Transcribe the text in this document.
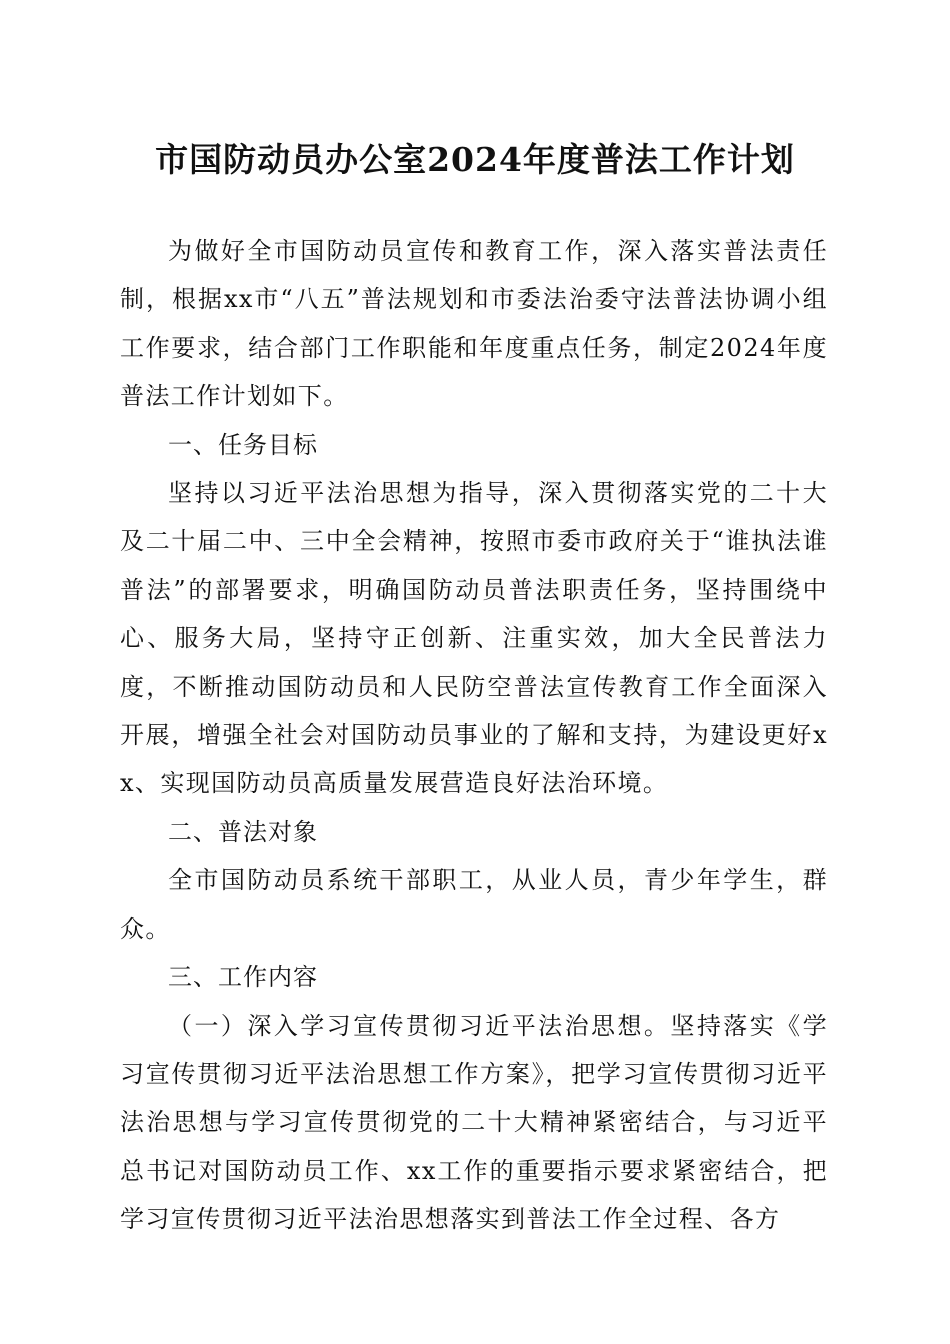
市国防动员办公室2024年度普法工作计划

为做好全市国防动员宣传和教育工作，深入落实普法责任制，根据xx市“八五”普法规划和市委法治委守法普法协调小组工作要求，结合部门工作职能和年度重点任务，制定2024年度普法工作计划如下。

一、任务目标

坚持以习近平法治思想为指导，深入贯彻落实党的二十大及二十届二中、三中全会精神，按照市委市政府关于“谁执法谁普法”的部署要求，明确国防动员普法职责任务，坚持围绕中心、服务大局，坚持守正创新、注重实效，加大全民普法力度，不断推动国防动员和人民防空普法宣传教育工作全面深入开展，增强全社会对国防动员事业的了解和支持，为建设更好xx、实现国防动员高质量发展营造良好法治环境。

二、普法对象

全市国防动员系统干部职工，从业人员，青少年学生，群众。

三、工作内容

（一）深入学习宣传贯彻习近平法治思想。坚持落实《学习宣传贯彻习近平法治思想工作方案》，把学习宣传贯彻习近平法治思想与学习宣传贯彻党的二十大精神紧密结合，与习近平总书记对国防动员工作、xx工作的重要指示要求紧密结合，把学习宣传贯彻习近平法治思想落实到普法工作全过程、各方
